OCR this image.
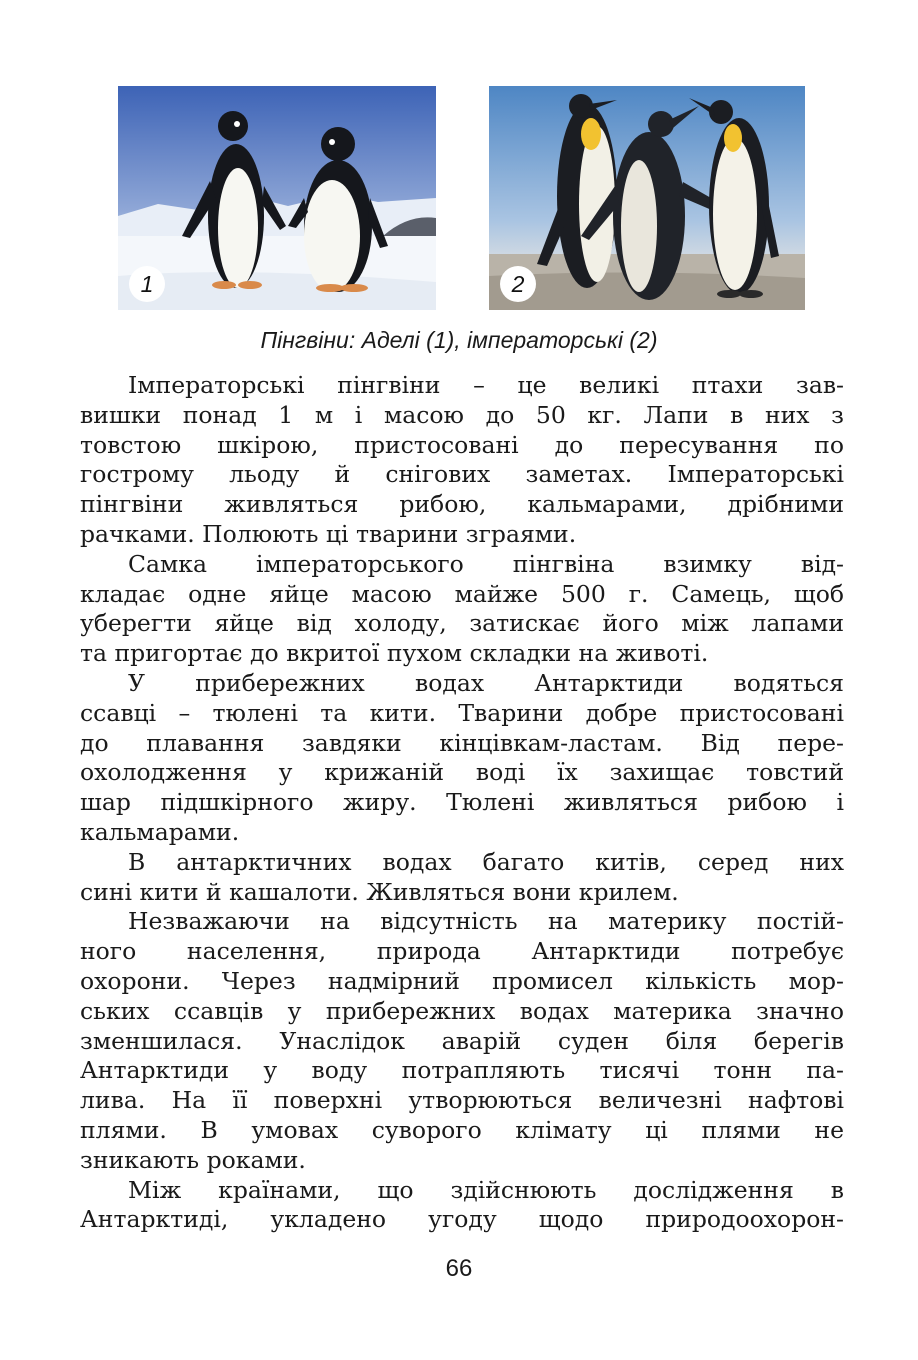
1	2
Пінгвіни: Аделі (1), імператорські (2)
Імператорські пінгвіни – це великі птахи зав-
вишки понад 1 м і масою до 50 кг. Лапи в них з
товстою шкірою, пристосовані до пересування по
гострому льоду й снігових заметах. Імператорські
пінгвіни живляться рибою, кальмарами, дрібними
рачками. Полюють ці тварини зграями.
Самка імператорського пінгвіна взимку від-
кладає одне яйце масою майже 500 г. Самець, щоб
уберегти яйце від холоду, затискає його між лапами
та пригортає до вкритої пухом складки на животі.
У прибережних водах Антарктиди водяться
ссавці – тюлені та кити. Тварини добре пристосовані
до плавання завдяки кінцівкам-ластам. Від пере-
охолодження у крижаній воді їх захищає товстий
шар підшкірного жиру. Тюлені живляться рибою і
кальмарами.
В антарктичних водах багато китів, серед них
сині кити й кашалоти. Живляться вони крилем.
Незважаючи на відсутність на материку постій-
ного населення, природа Антарктиди потребує
охорони. Через надмірний промисел кількість мор-
ських ссавців у прибережних водах материка значно
зменшилася. Унаслідок аварій суден біля берегів
Антарктиди у воду потрапляють тисячі тонн па-
лива. На її поверхні утворюються величезні нафтові
плями. В умовах суворого клімату ці плями не
зникають роками.
Між країнами, що здійснюють дослідження в
Антарктиді, укладено угоду щодо природоохорон-
66
